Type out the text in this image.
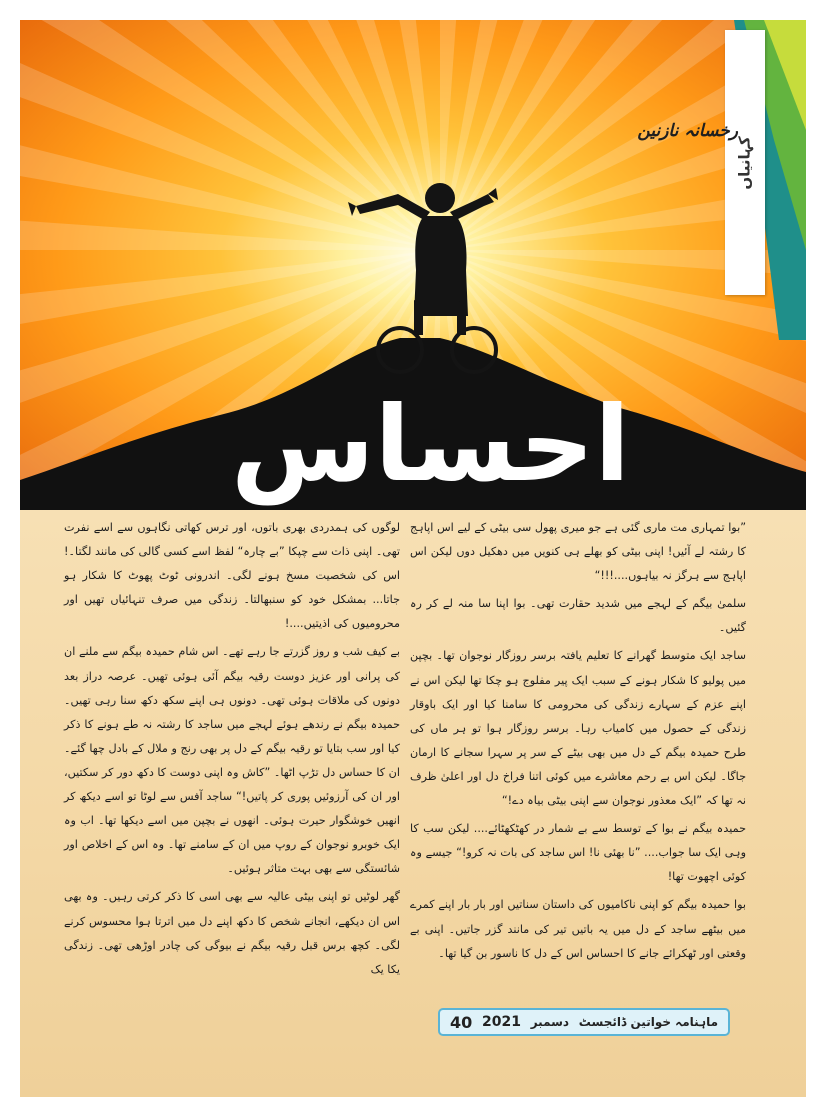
کہانیاں
رخسانہ نازنین
احساس

”بوا تمہاری مت ماری گئی ہے جو میری پھول سی بیٹی کے لیے اس اپاہج کا رشتہ لے آئیں! اپنی بیٹی کو بھلے ہی کنویں میں دھکیل دوں لیکن اس اپاہج سے ہرگز نہ بیاہوں....!!!“

سلمیٰ بیگم کے لہجے میں شدید حقارت تھی۔ بوا اپنا سا منہ لے کر رہ گئیں۔

ساجد ایک متوسط گھرانے کا تعلیم یافتہ برسر روزگار نوجوان تھا۔ بچپن میں پولیو کا شکار ہونے کے سبب ایک پیر مفلوج ہو چکا تھا لیکن اس نے اپنے عزم کے سہارے زندگی کی محرومی کا سامنا کیا اور ایک باوقار زندگی کے حصول میں کامیاب رہا۔ برسر روزگار ہوا تو ہر ماں کی طرح حمیدہ بیگم کے دل میں بھی بیٹے کے سر پر سہرا سجانے کا ارمان جاگا۔ لیکن اس بے رحم معاشرے میں کوئی اتنا فراخ دل اور اعلیٰ ظرف نہ تھا کہ ”ایک معذور نوجوان سے اپنی بیٹی بیاہ دے!“

حمیدہ بیگم نے بوا کے توسط سے بے شمار در کھٹکھٹائے.... لیکن سب کا وہی ایک سا جواب.... ”نا بھئی نا! اس ساجد کی بات نہ کرو!“ جیسے وہ کوئی اچھوت تھا!

بوا حمیدہ بیگم کو اپنی ناکامیوں کی داستان سناتیں اور بار بار اپنے کمرے میں بیٹھے ساجد کے دل میں یہ باتیں تیر کی مانند گزر جاتیں۔ اپنی بے وقعتی اور ٹھکرائے جانے کا احساس اس کے دل کا ناسور بن گیا تھا۔

لوگوں کی ہمدردی بھری باتوں، اور ترس کھاتی نگاہوں سے اسے نفرت تھی۔ اپنی ذات سے چپکا ”بے چارہ“ لفظ اسے کسی گالی کی مانند لگتا۔! اس کی شخصیت مسخ ہونے لگی۔ اندرونی ٹوٹ پھوٹ کا شکار ہو جاتا... بمشکل خود کو سنبھالتا۔ زندگی میں صرف تنہائیاں تھیں اور محرومیوں کی اذیتیں....!

بے کیف شب و روز گزرتے جا رہے تھے۔ اس شام حمیدہ بیگم سے ملنے ان کی پرانی اور عزیز دوست رقیہ بیگم آئی ہوئی تھیں۔ عرصہ دراز بعد دونوں کی ملاقات ہوئی تھی۔ دونوں ہی اپنے سکھ دکھ سنا رہی تھیں۔ حمیدہ بیگم نے رندھے ہوئے لہجے میں ساجد کا رشتہ نہ طے ہونے کا ذکر کیا اور سب بتایا تو رقیہ بیگم کے دل پر بھی رنج و ملال کے بادل چھا گئے۔ ان کا حساس دل تڑپ اٹھا۔ ”کاش وہ اپنی دوست کا دکھ دور کر سکتیں، اور ان کی آرزوئیں پوری کر پاتیں!“ ساجد آفس سے لوٹا تو اسے دیکھ کر انھیں خوشگوار حیرت ہوئی۔ انھوں نے بچپن میں اسے دیکھا تھا۔ اب وہ ایک خوبرو نوجوان کے روپ میں ان کے سامنے تھا۔ وہ اس کے اخلاص اور شائستگی سے بھی بہت متاثر ہوئیں۔

گھر لوٹیں تو اپنی بیٹی عالیہ سے بھی اسی کا ذکر کرتی رہیں۔ وہ بھی اس ان دیکھے، انجانے شخص کا دکھ اپنے دل میں اترتا ہوا محسوس کرنے لگی۔ کچھ برس قبل رقیہ بیگم نے بیوگی کی چادر اوڑھی تھی۔ زندگی یکا یک

ماہنامہ خواتین ڈائجسٹ
دسمبر
2021
40
